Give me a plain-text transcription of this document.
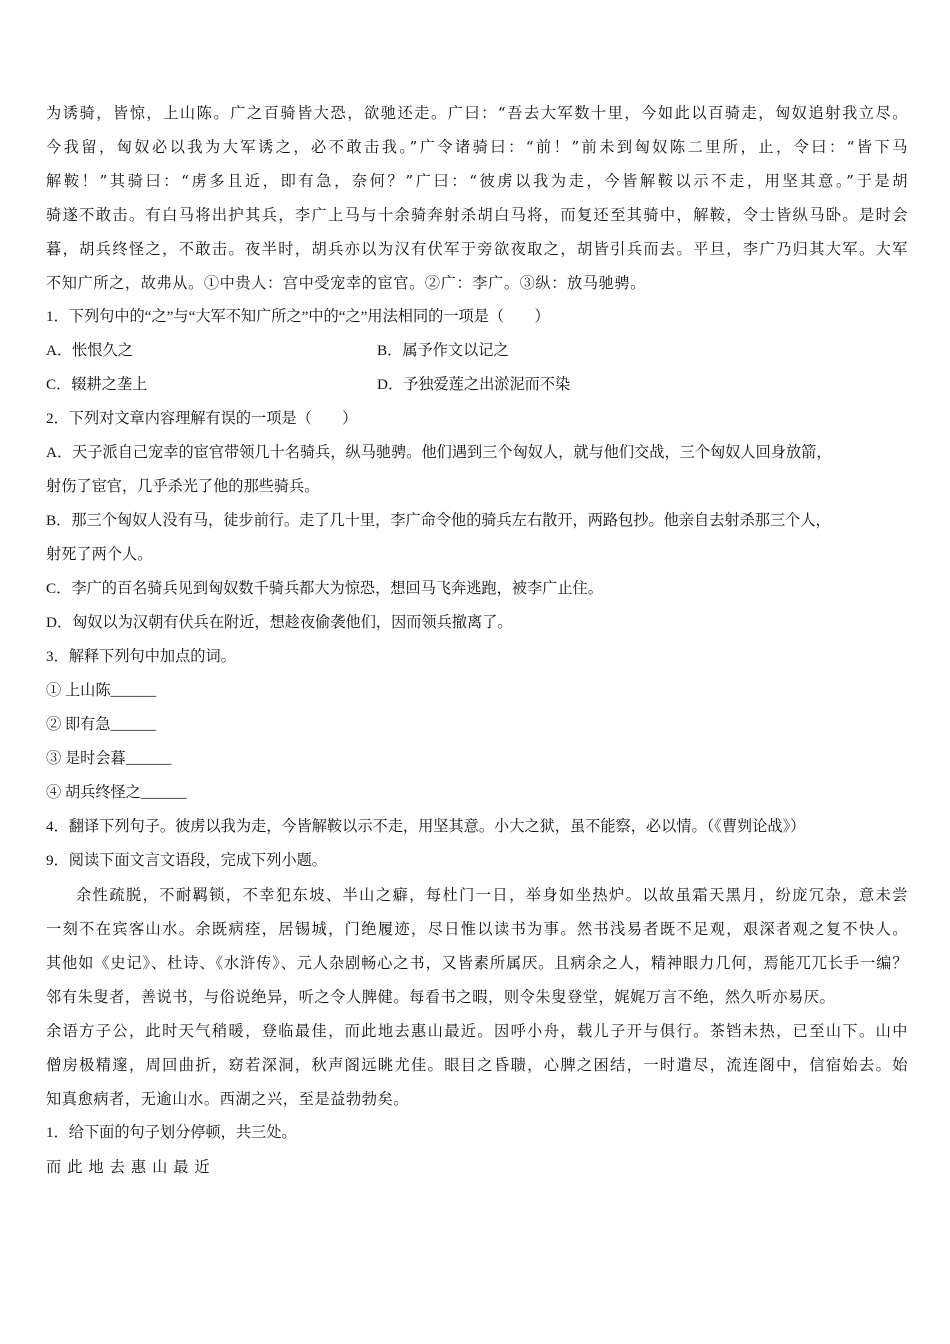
为诱骑，皆惊，上山陈。广之百骑皆大恐，欲驰还走。广曰：“吾去大军数十里，今如此以百骑走，匈奴追射我立尽。
今我留，匈奴必以我为大军诱之，必不敢击我。”广令诸骑曰：“前！”前未到匈奴陈二里所，止，令曰：“皆下马
解鞍！”其骑曰：“虏多且近，即有急，奈何？”广曰：“彼虏以我为走，今皆解鞍以示不走，用坚其意。”于是胡
骑遂不敢击。有白马将出护其兵，李广上马与十余骑奔射杀胡白马将，而复还至其骑中，解鞍，令士皆纵马卧。是时会
暮，胡兵终怪之，不敢击。夜半时，胡兵亦以为汉有伏军于旁欲夜取之，胡皆引兵而去。平旦，李广乃归其大军。大军
不知广所之，故弗从。①中贵人：宫中受宠幸的宦官。②广：李广。③纵：放马驰骋。
1．下列句中的“之”与“大军不知广所之”中的“之”用法相同的一项是（　　）
A．怅恨久之	B．属予作文以记之
C．辍耕之垄上	D．予独爱莲之出淤泥而不染
2．下列对文章内容理解有误的一项是（　　）
A．天子派自己宠幸的宦官带领几十名骑兵，纵马驰骋。他们遇到三个匈奴人，就与他们交战，三个匈奴人回身放箭，
射伤了宦官，几乎杀光了他的那些骑兵。
B．那三个匈奴人没有马，徒步前行。走了几十里，李广命令他的骑兵左右散开，两路包抄。他亲自去射杀那三个人，
射死了两个人。
C．李广的百名骑兵见到匈奴数千骑兵都大为惊恐，想回马飞奔逃跑，被李广止住。
D．匈奴以为汉朝有伏兵在附近，想趁夜偷袭他们，因而领兵撤离了。
3．解释下列句中加点的词。
① 上山陈______
② 即有急______
③ 是时会暮______
④ 胡兵终怪之______
4．翻译下列句子。彼虏以我为走，今皆解鞍以示不走，用坚其意。小大之狱，虽不能察，必以情。（《曹刿论战》）
9．阅读下面文言文语段，完成下列小题。
余性疏脱，不耐羁锁，不幸犯东坡、半山之癖，每杜门一日，举身如坐热炉。以故虽霜天黑月，纷庞冗杂，意未尝
一刻不在宾客山水。余既病痊，居锡城，门绝履迹，尽日惟以读书为事。然书浅易者既不足观，艰深者观之复不快人。
其他如《史记》、杜诗、《水浒传》、元人杂剧畅心之书，又皆素所属厌。且病余之人，精神眼力几何，焉能兀兀长手一编？
邻有朱叟者，善说书，与俗说绝异，听之令人脾健。每看书之暇，则令朱叟登堂，娓娓万言不绝，然久听亦易厌。
余语方子公，此时天气稍暖，登临最佳，而此地去惠山最近。因呼小舟，载儿子开与俱行。茶铛未热，已至山下。山中
僧房极精邃，周回曲折，窈若深洞，秋声阁远眺尤佳。眼目之昏聩，心脾之困结，一时遣尽，流连阁中，信宿始去。始
知真愈病者，无逾山水。西湖之兴，至是益勃勃矣。
1．给下面的句子划分停顿，共三处。
而 此 地 去 惠 山 最 近
